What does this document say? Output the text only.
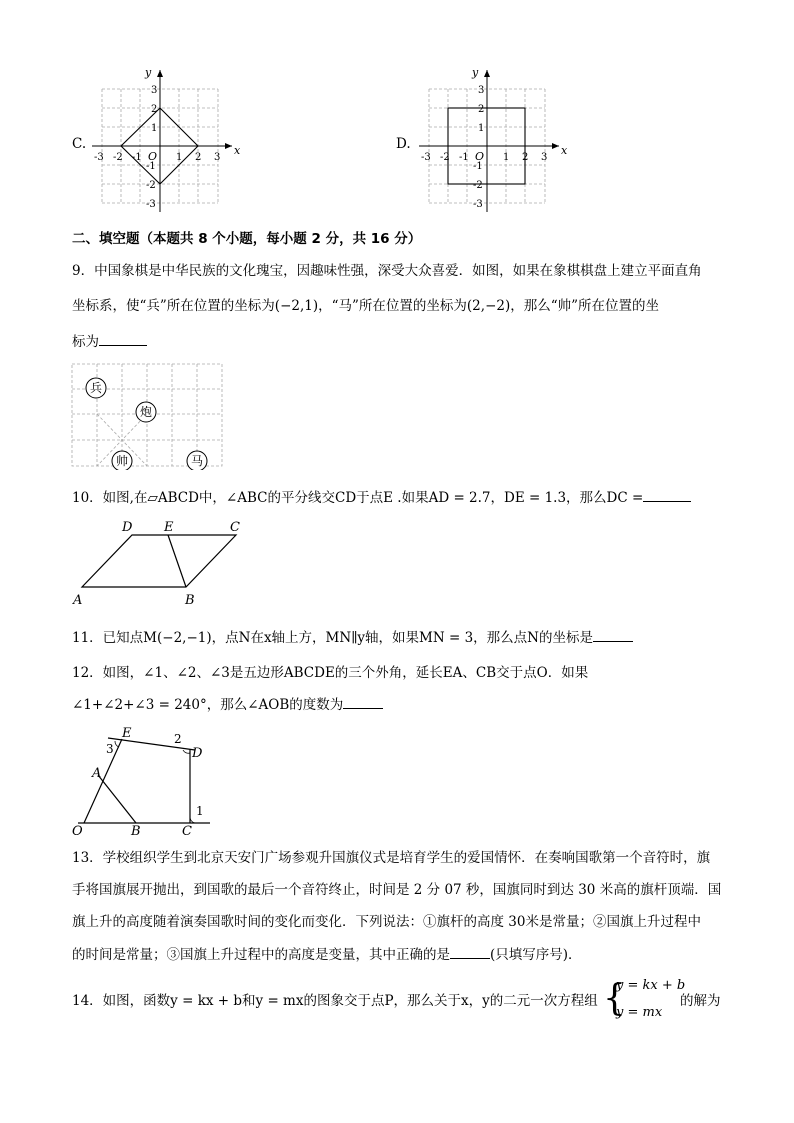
C.	x
y
O
-3 -2 -1	1 2 3
3
2
1
-1
-2
-3
D.	x
y
O
-3 -2 -1	1 2 3
3
2
1
-1
-2
-3
二、填空题（本题共 8 个小题，每小题 2 分，共 16 分）
9．中国象棋是中华民族的文化瑰宝，因趣味性强，深受大众喜爱．如图，如果在象棋棋盘上建立平面直角
坐标系，使“兵”所在位置的坐标为(−2,1)，“马”所在位置的坐标为(2,−2)，那么“帅”所在位置的坐
标为
兵
炮
帅	马
10．如图,在▱ABCD中，∠ABC的平分线交CD于点E .如果AD = 2.7，DE = 1.3，那么DC =
D E	C
A	B
11．已知点M(−2,−1)，点N在x轴上方，MN∥y轴，如果MN = 3，那么点N的坐标是
12．如图，∠1、∠2、∠3是五边形ABCDE的三个外角，延长EA、CB交于点O．如果
∠1+∠2+∠3 = 240°，那么∠AOB的度数为
E
D
A
O	B	C
1
2
3
13．学校组织学生到北京天安门广场参观升国旗仪式是培育学生的爱国情怀．在奏响国歌第一个音符时，旗
手将国旗展开抛出，到国歌的最后一个音符终止，时间是 2 分 07 秒，国旗同时到达 30 米高的旗杆顶端．国
旗上升的高度随着演奏国歌时间的变化而变化．下列说法：①旗杆的高度 30米是常量；②国旗上升过程中
的时间是常量；③国旗上升过程中的高度是变量，其中正确的是	(只填写序号)．
14．如图，函数y = kx + b和y = mx的图象交于点P，那么关于x，y的二元一次方程组 {
y = kx + b
y = mx
的解为
